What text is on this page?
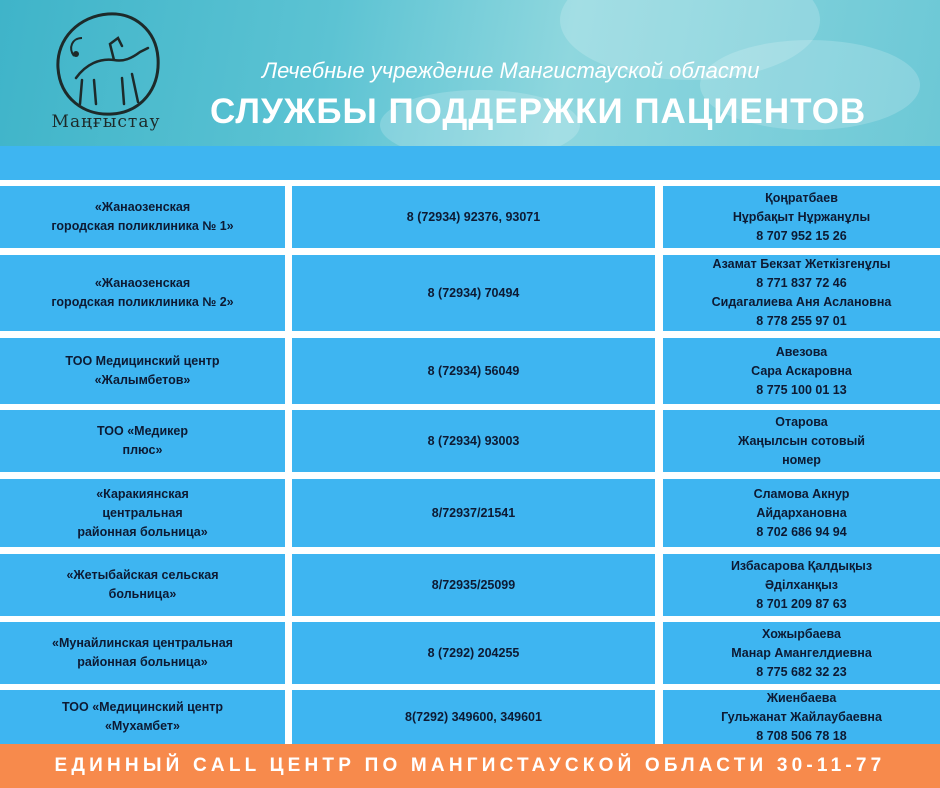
Маңғыстау
Лечебные учреждение Мангистауской области
СЛУЖБЫ ПОДДЕРЖКИ ПАЦИЕНТОВ
«Жанаозенская
городская поликлиника № 1»
8 (72934) 92376, 93071
Қоңратбаев
Нұрбақыт Нұржанұлы
8 707 952 15 26
«Жанаозенская
городская поликлиника № 2»
8 (72934) 70494
Азамат Бекзат Жеткізгенұлы
8 771 837 72 46
Сидагалиева Аня Аслановна
8 778 255 97 01
ТОО Медицинский центр
«Жалымбетов»
8 (72934) 56049
Авезова
Сара Аскаровна
8 775 100 01 13
ТОО «Медикер
плюс»
8 (72934) 93003
Отарова
Жаңылсын сотовый
номер
«Каракиянская
центральная
районная больница»
8/72937/21541
Сламова Акнур
Айдархановна
8 702 686 94 94
«Жетыбайская сельская
больница»
8/72935/25099
Избасарова Қалдықыз
Әділханқыз
8 701 209 87 63
«Мунайлинская центральная
районная больница»
8 (7292) 204255
Хожырбаева
Манар Амангелдиевна
8 775 682 32 23
ТОО «Медицинский центр
«Мухамбет»
8(7292) 349600, 349601
Жиенбаева
Гульжанат Жайлаубаевна
8 708 506 78 18
ЕДИННЫЙ CALL ЦЕНТР ПО МАНГИСТАУСКОЙ ОБЛАСТИ 30-11-77
